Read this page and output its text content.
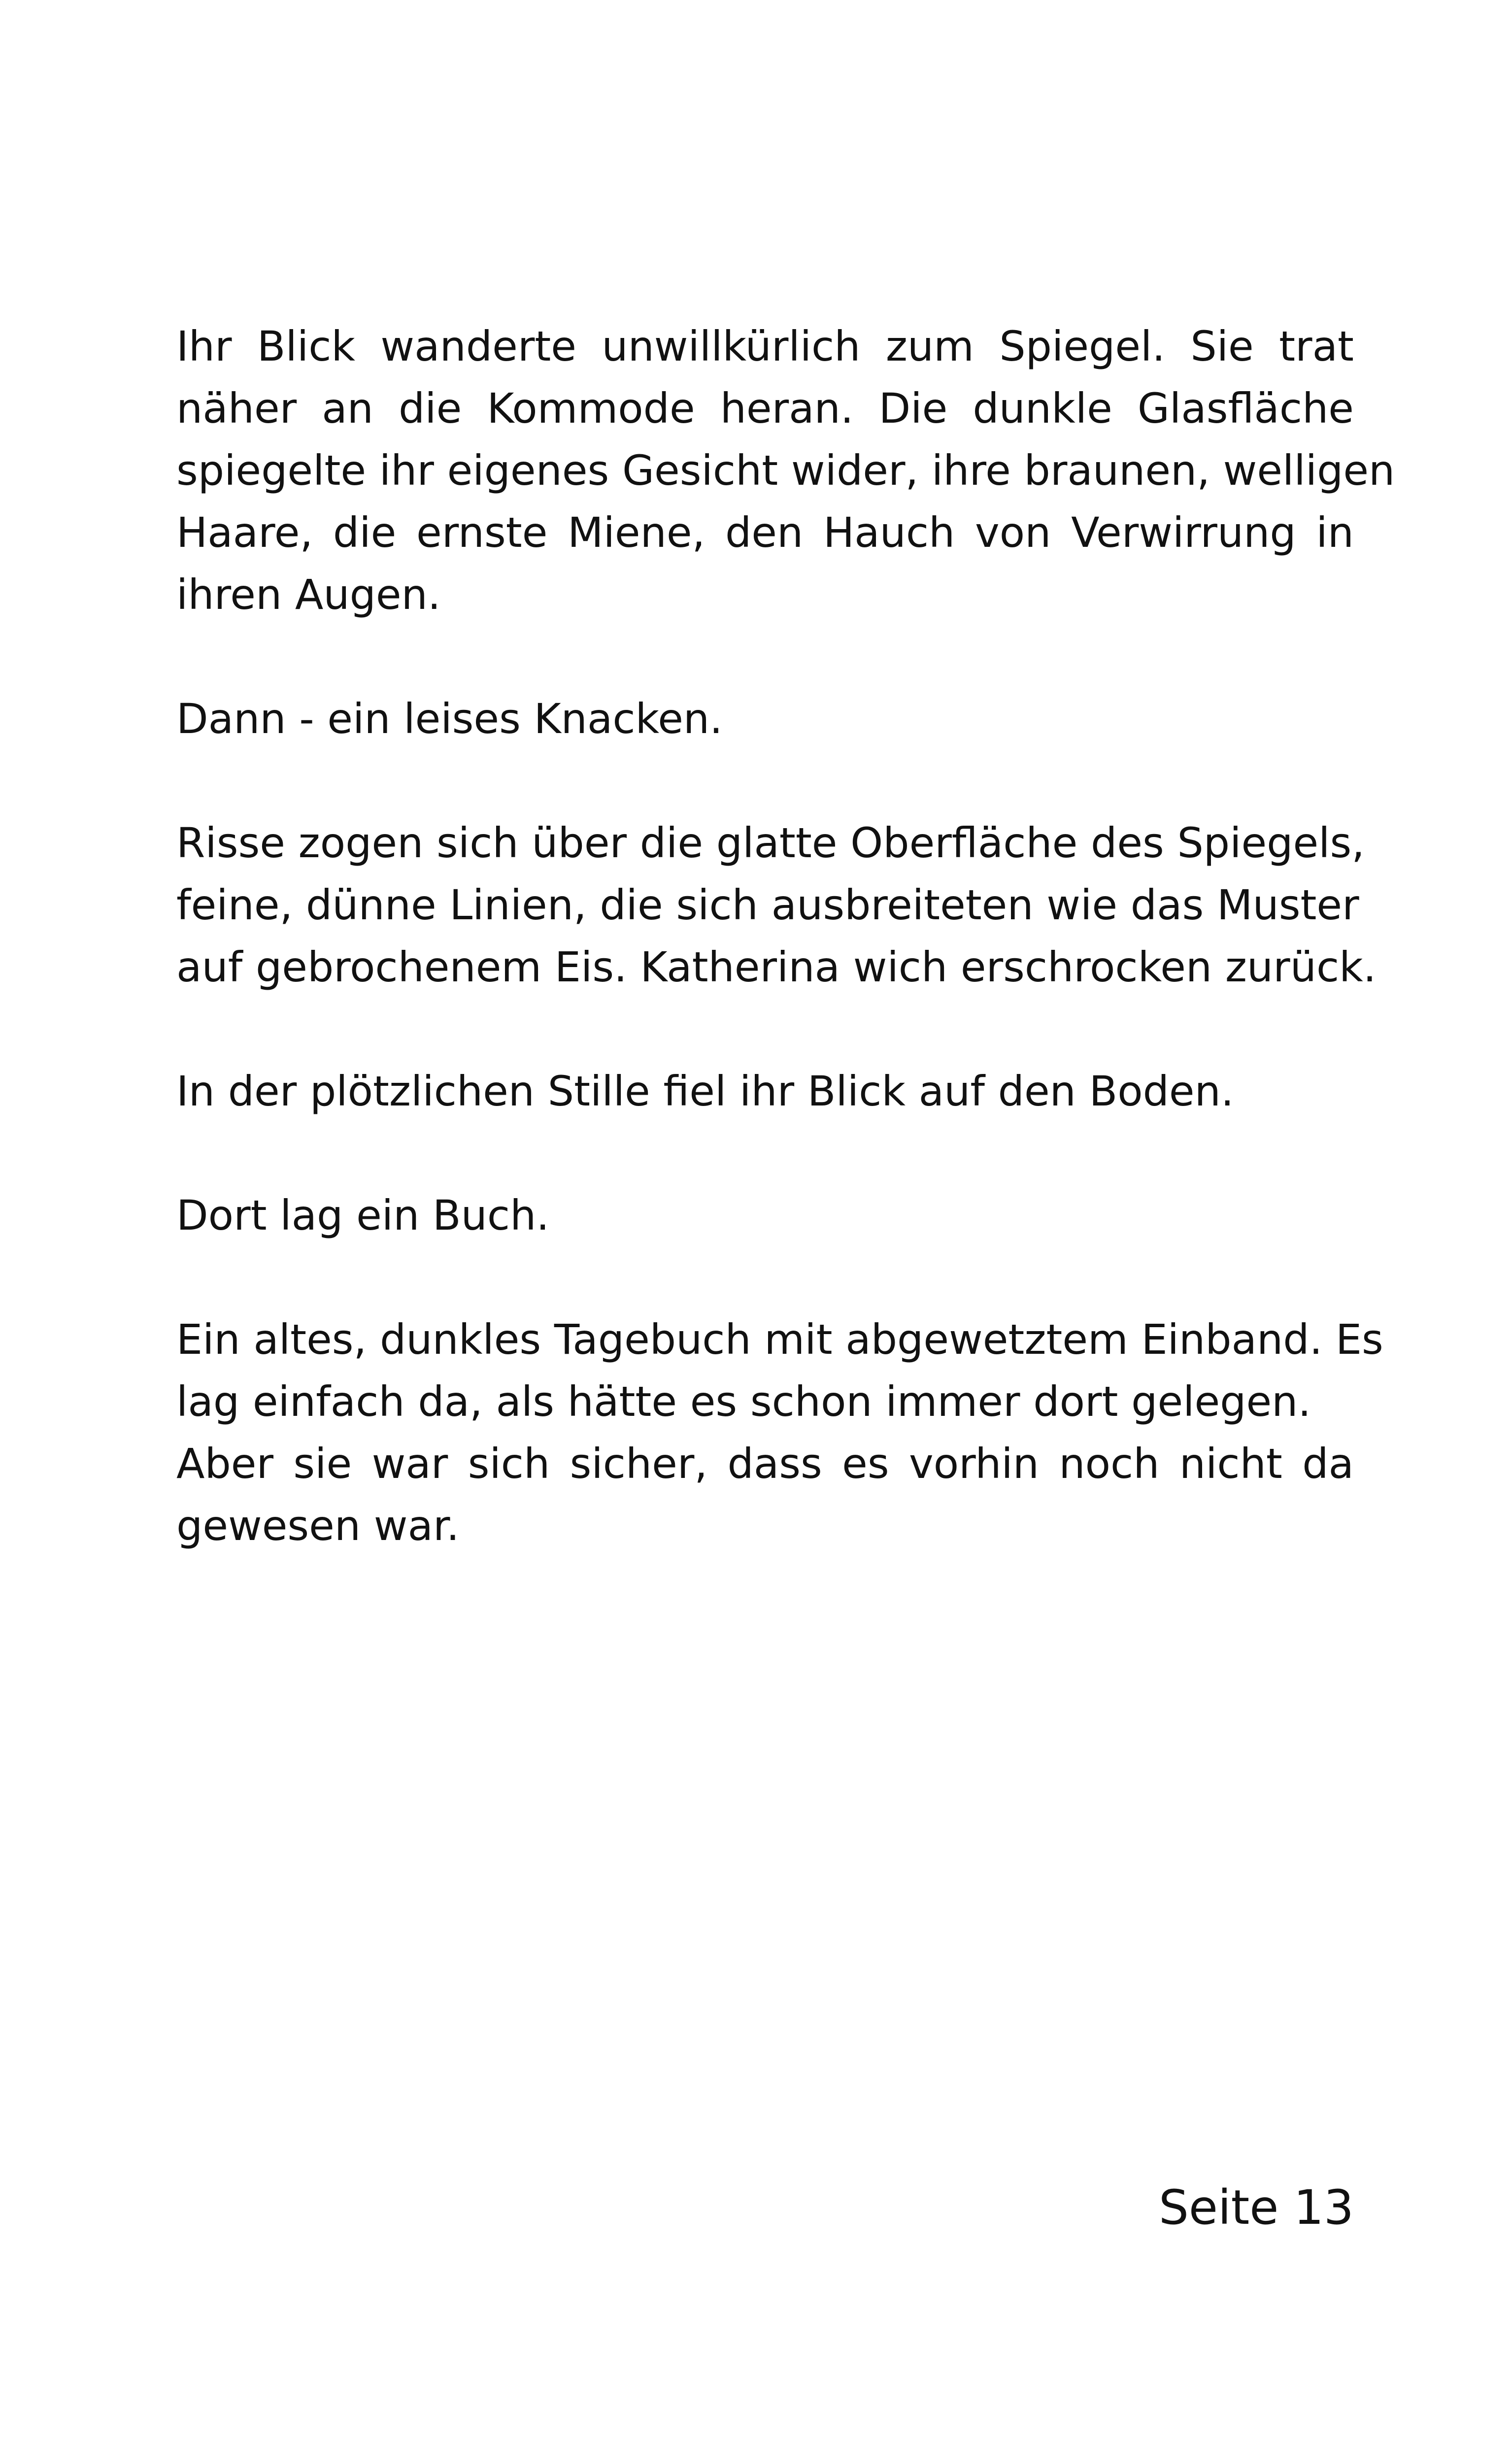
Ihr Blick wanderte unwillkürlich zum Spiegel. Sie trat
näher an die Kommode heran. Die dunkle Glasfläche
spiegelte ihr eigenes Gesicht wider, ihre braunen, welligen
Haare, die ernste Miene, den Hauch von Verwirrung in
ihren Augen.

Dann - ein leises Knacken.

Risse zogen sich über die glatte Oberfläche des Spiegels,
feine, dünne Linien, die sich ausbreiteten wie das Muster
auf gebrochenem Eis. Katherina wich erschrocken zurück.

In der plötzlichen Stille fiel ihr Blick auf den Boden.

Dort lag ein Buch.

Ein altes, dunkles Tagebuch mit abgewetztem Einband. Es
lag einfach da, als hätte es schon immer dort gelegen.
Aber sie war sich sicher, dass es vorhin noch nicht da
gewesen war.

Seite 13
